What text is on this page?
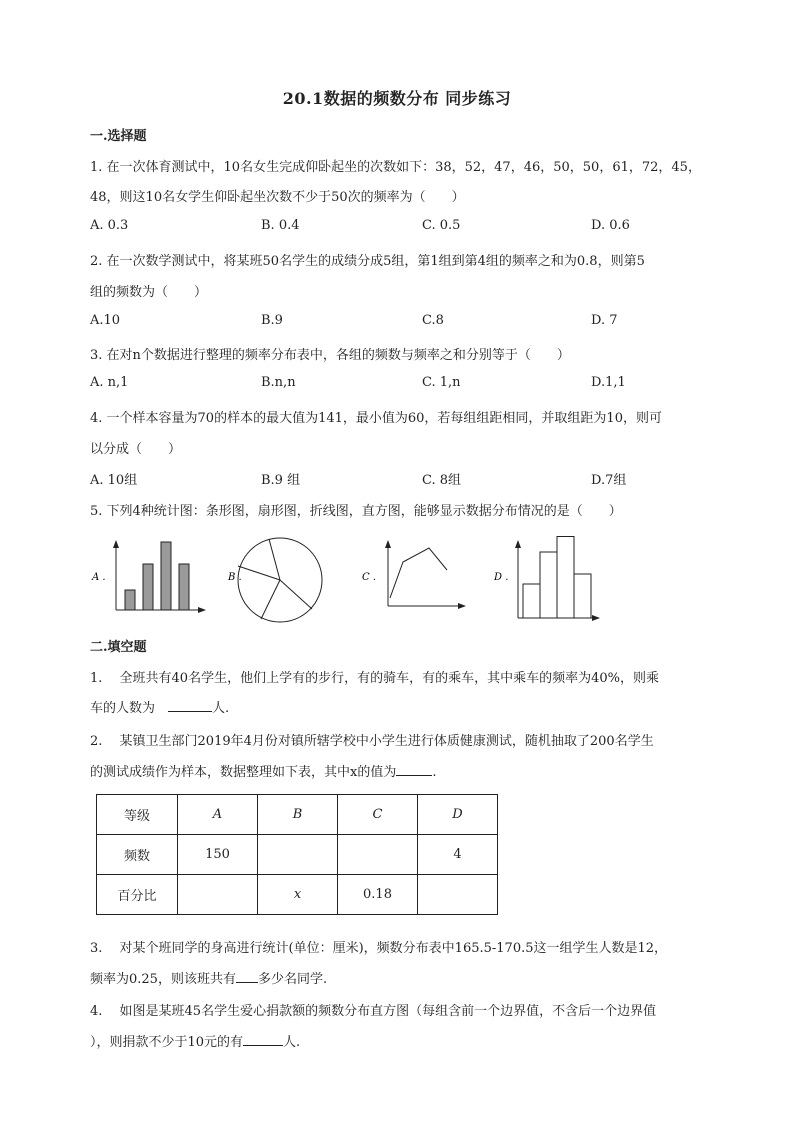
20.1数据的频数分布 同步练习
一.选择题
1. 在一次体育测试中，10名女生完成仰卧起坐的次数如下：38，52，47，46，50，50，61，72，45，
48，则这10名女学生仰卧起坐次数不少于50次的频率为（　　）
A. 0.3	B. 0.4	C. 0.5	D. 0.6
2. 在一次数学测试中，将某班50名学生的成绩分成5组，第1组到第4组的频率之和为0.8，则第5
组的频数为（　　）
A.10	B.9	C.8	D. 7
3. 在对n个数据进行整理的频率分布表中，各组的频数与频率之和分别等于（　　）
A. n,1	B.n,n	C. 1,n	D.1,1
4. 一个样本容量为70的样本的最大值为141，最小值为60，若每组组距相同，并取组距为10，则可
以分成（　　）
A. 10组	B.9 组	C. 8组	D.7组
5. 下列4种统计图：条形图，扇形图，折线图，直方图，能够显示数据分布情况的是（　　）
A .	B .	C .	D .
二.填空题
1.　 全班共有40名学生，他们上学有的步行，有的骑车，有的乘车，其中乘车的频率为40%，则乘
车的人数为　	人.
2.　 某镇卫生部门2019年4月份对镇所辖学校中小学生进行体质健康测试，随机抽取了200名学生
的测试成绩作为样本，数据整理如下表，其中x的值为	.
等级	A	B	C	D
频数	150			4
百分比		x	0.18	
3.　 对某个班同学的身高进行统计(单位：厘米)，频数分布表中165.5-170.5这一组学生人数是12，
频率为0.25，则该班共有 多少名同学.
4.　 如图是某班45名学生爱心捐款额的频数分布直方图（每组含前一个边界值，不含后一个边界值
），则捐款不少于10元的有	人.
